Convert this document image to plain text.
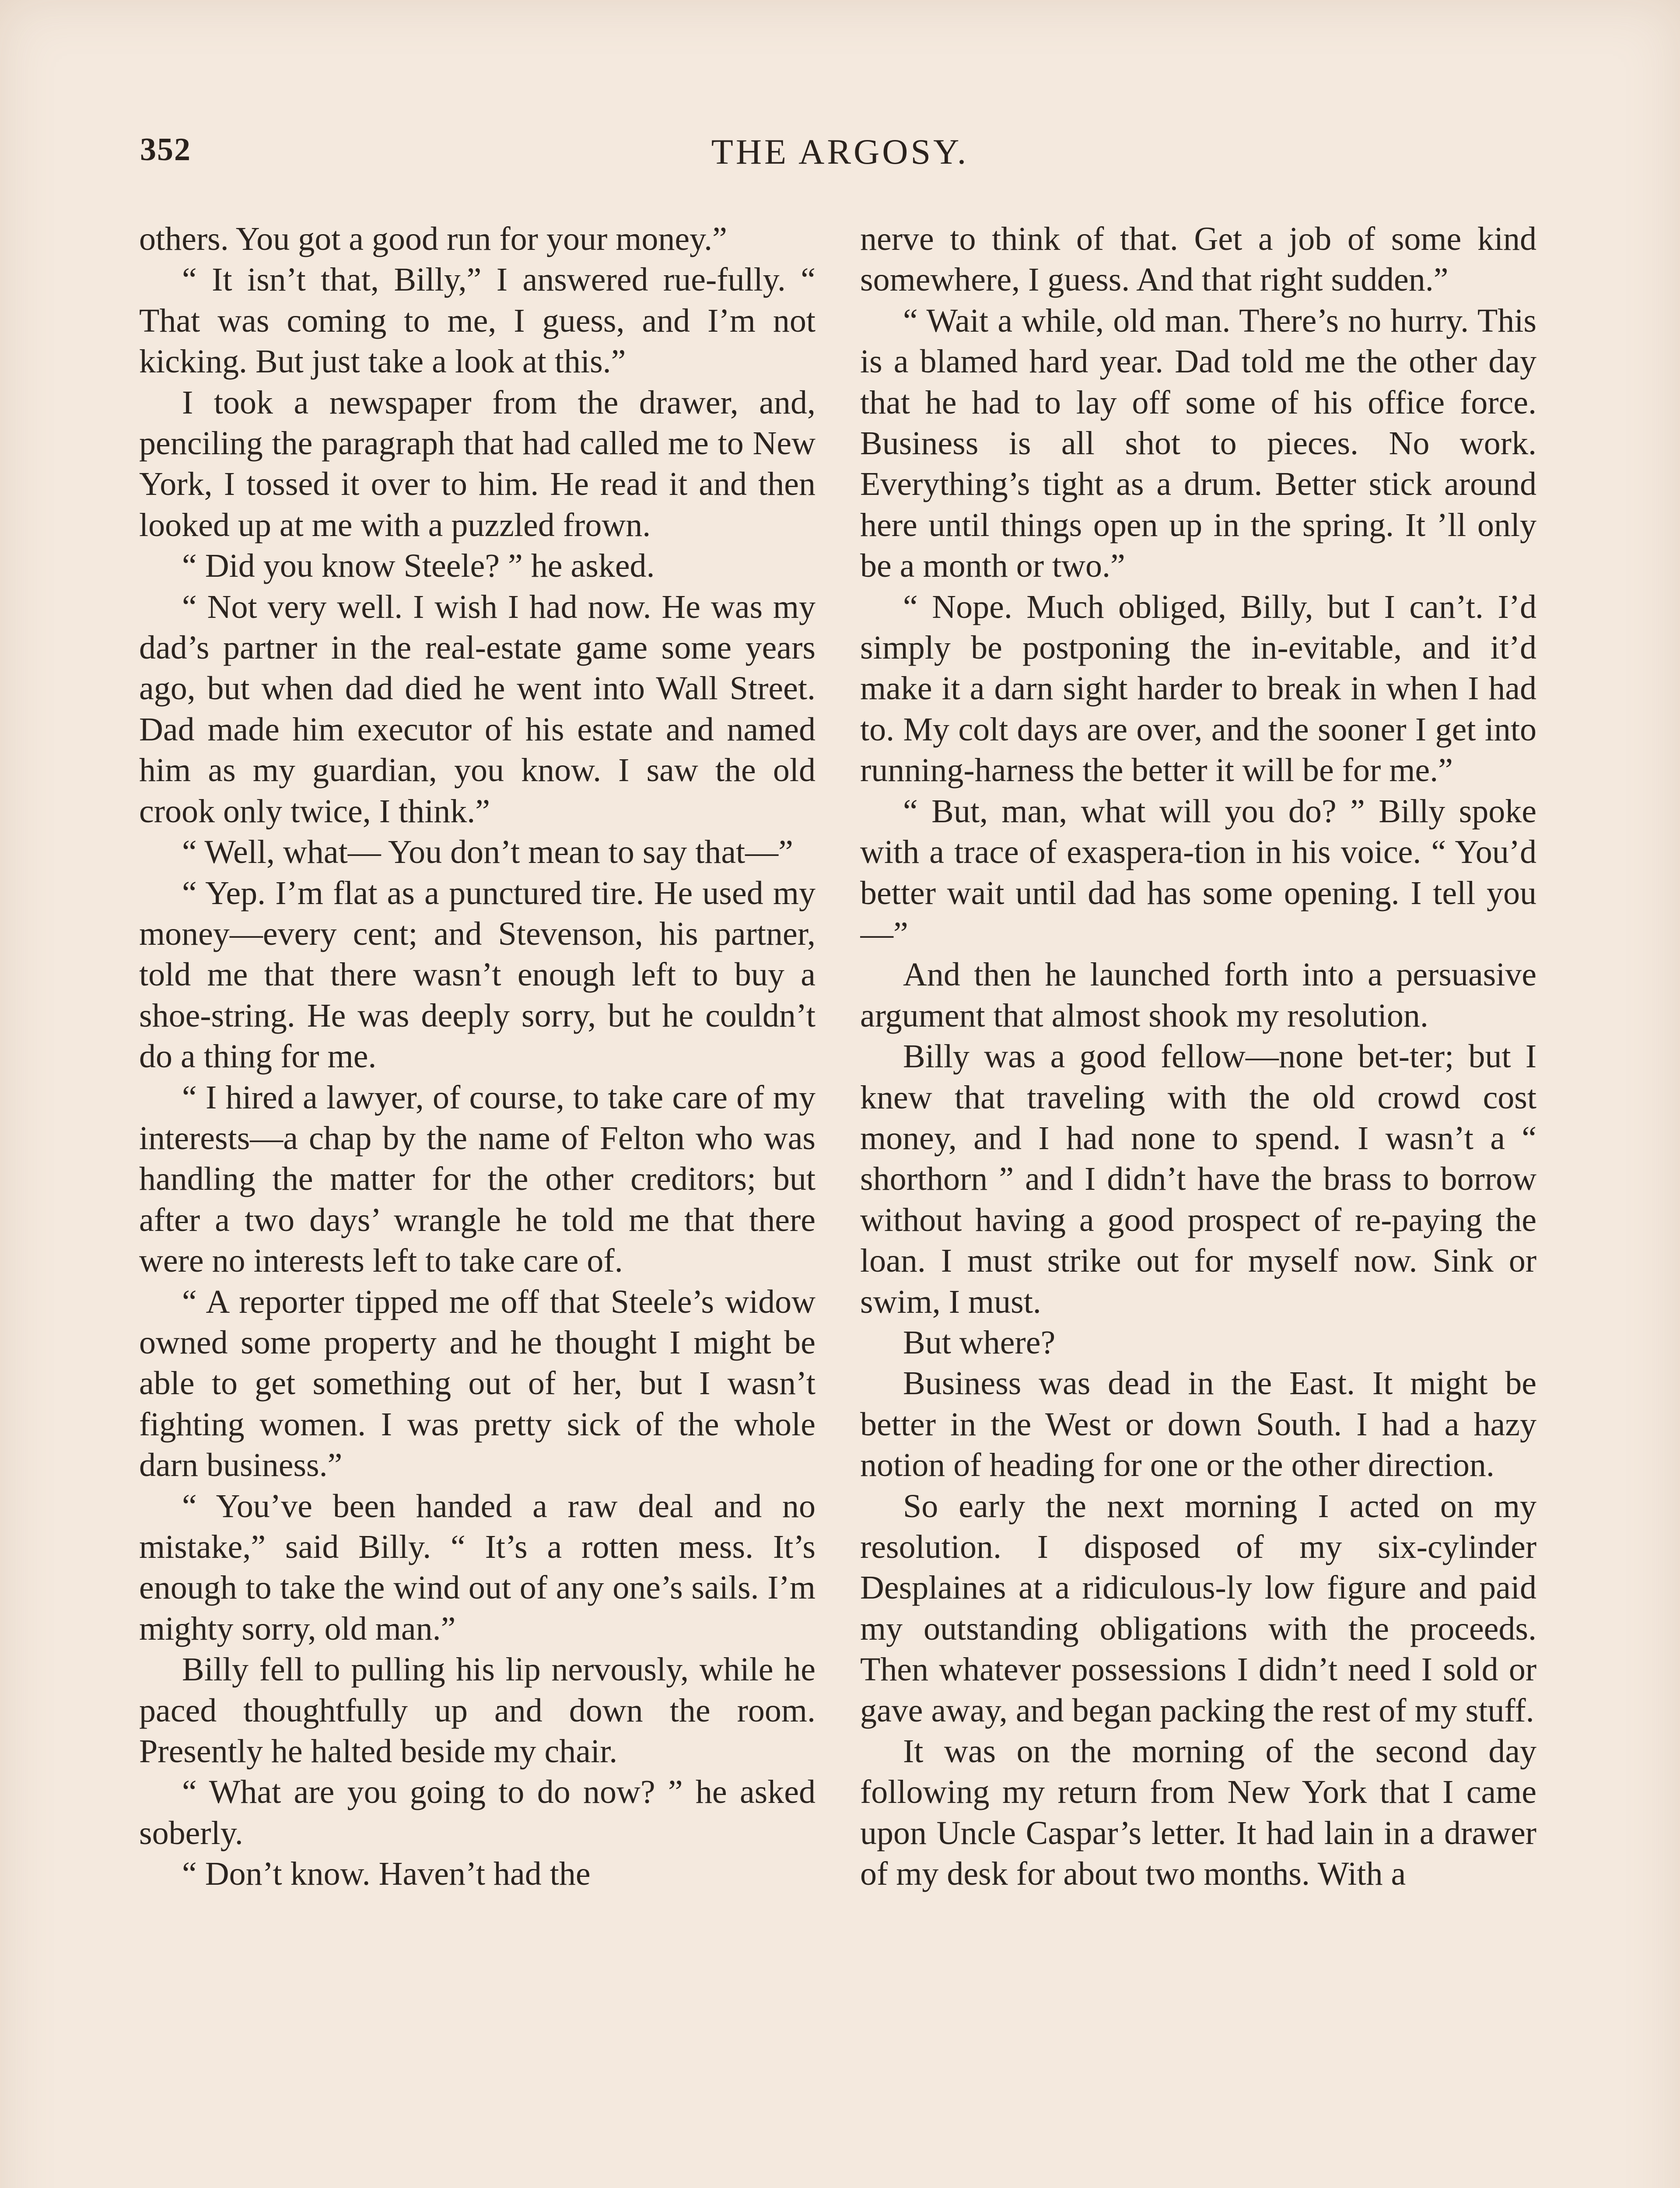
352	THE ARGOSY.

others. You got a good run for your money.”

“ It isn’t that, Billy,” I answered rue-fully. “ That was coming to me, I guess, and I’m not kicking. But just take a look at this.”

I took a newspaper from the drawer, and, penciling the paragraph that had called me to New York, I tossed it over to him. He read it and then looked up at me with a puzzled frown.

“ Did you know Steele? ” he asked.

“ Not very well. I wish I had now. He was my dad’s partner in the real-estate game some years ago, but when dad died he went into Wall Street. Dad made him executor of his estate and named him as my guardian, you know. I saw the old crook only twice, I think.”

“ Well, what— You don’t mean to say that—”

“ Yep. I’m flat as a punctured tire. He used my money—every cent; and Stevenson, his partner, told me that there wasn’t enough left to buy a shoe-string. He was deeply sorry, but he couldn’t do a thing for me.

“ I hired a lawyer, of course, to take care of my interests—a chap by the name of Felton who was handling the matter for the other creditors; but after a two days’ wrangle he told me that there were no interests left to take care of.

“ A reporter tipped me off that Steele’s widow owned some property and he thought I might be able to get something out of her, but I wasn’t fighting women. I was pretty sick of the whole darn business.”

“ You’ve been handed a raw deal and no mistake,” said Billy. “ It’s a rotten mess. It’s enough to take the wind out of any one’s sails. I’m mighty sorry, old man.”

Billy fell to pulling his lip nervously, while he paced thoughtfully up and down the room. Presently he halted beside my chair.

“ What are you going to do now? ” he asked soberly.

“ Don’t know. Haven’t had the

nerve to think of that. Get a job of some kind somewhere, I guess. And that right sudden.”

“ Wait a while, old man. There’s no hurry. This is a blamed hard year. Dad told me the other day that he had to lay off some of his office force. Business is all shot to pieces. No work. Everything’s tight as a drum. Better stick around here until things open up in the spring. It ’ll only be a month or two.”

“ Nope. Much obliged, Billy, but I can’t. I’d simply be postponing the in-evitable, and it’d make it a darn sight harder to break in when I had to. My colt days are over, and the sooner I get into running-harness the better it will be for me.”

“ But, man, what will you do? ” Billy spoke with a trace of exaspera-tion in his voice. “ You’d better wait until dad has some opening. I tell you—”

And then he launched forth into a persuasive argument that almost shook my resolution.

Billy was a good fellow—none bet-ter; but I knew that traveling with the old crowd cost money, and I had none to spend. I wasn’t a “ shorthorn ” and I didn’t have the brass to borrow without having a good prospect of re-paying the loan. I must strike out for myself now. Sink or swim, I must.

But where?

Business was dead in the East. It might be better in the West or down South. I had a hazy notion of heading for one or the other direction.

So early the next morning I acted on my resolution. I disposed of my six-cylinder Desplaines at a ridiculous-ly low figure and paid my outstanding obligations with the proceeds. Then whatever possessions I didn’t need I sold or gave away, and began packing the rest of my stuff.

It was on the morning of the second day following my return from New York that I came upon Uncle Caspar’s letter. It had lain in a drawer of my desk for about two months. With a
